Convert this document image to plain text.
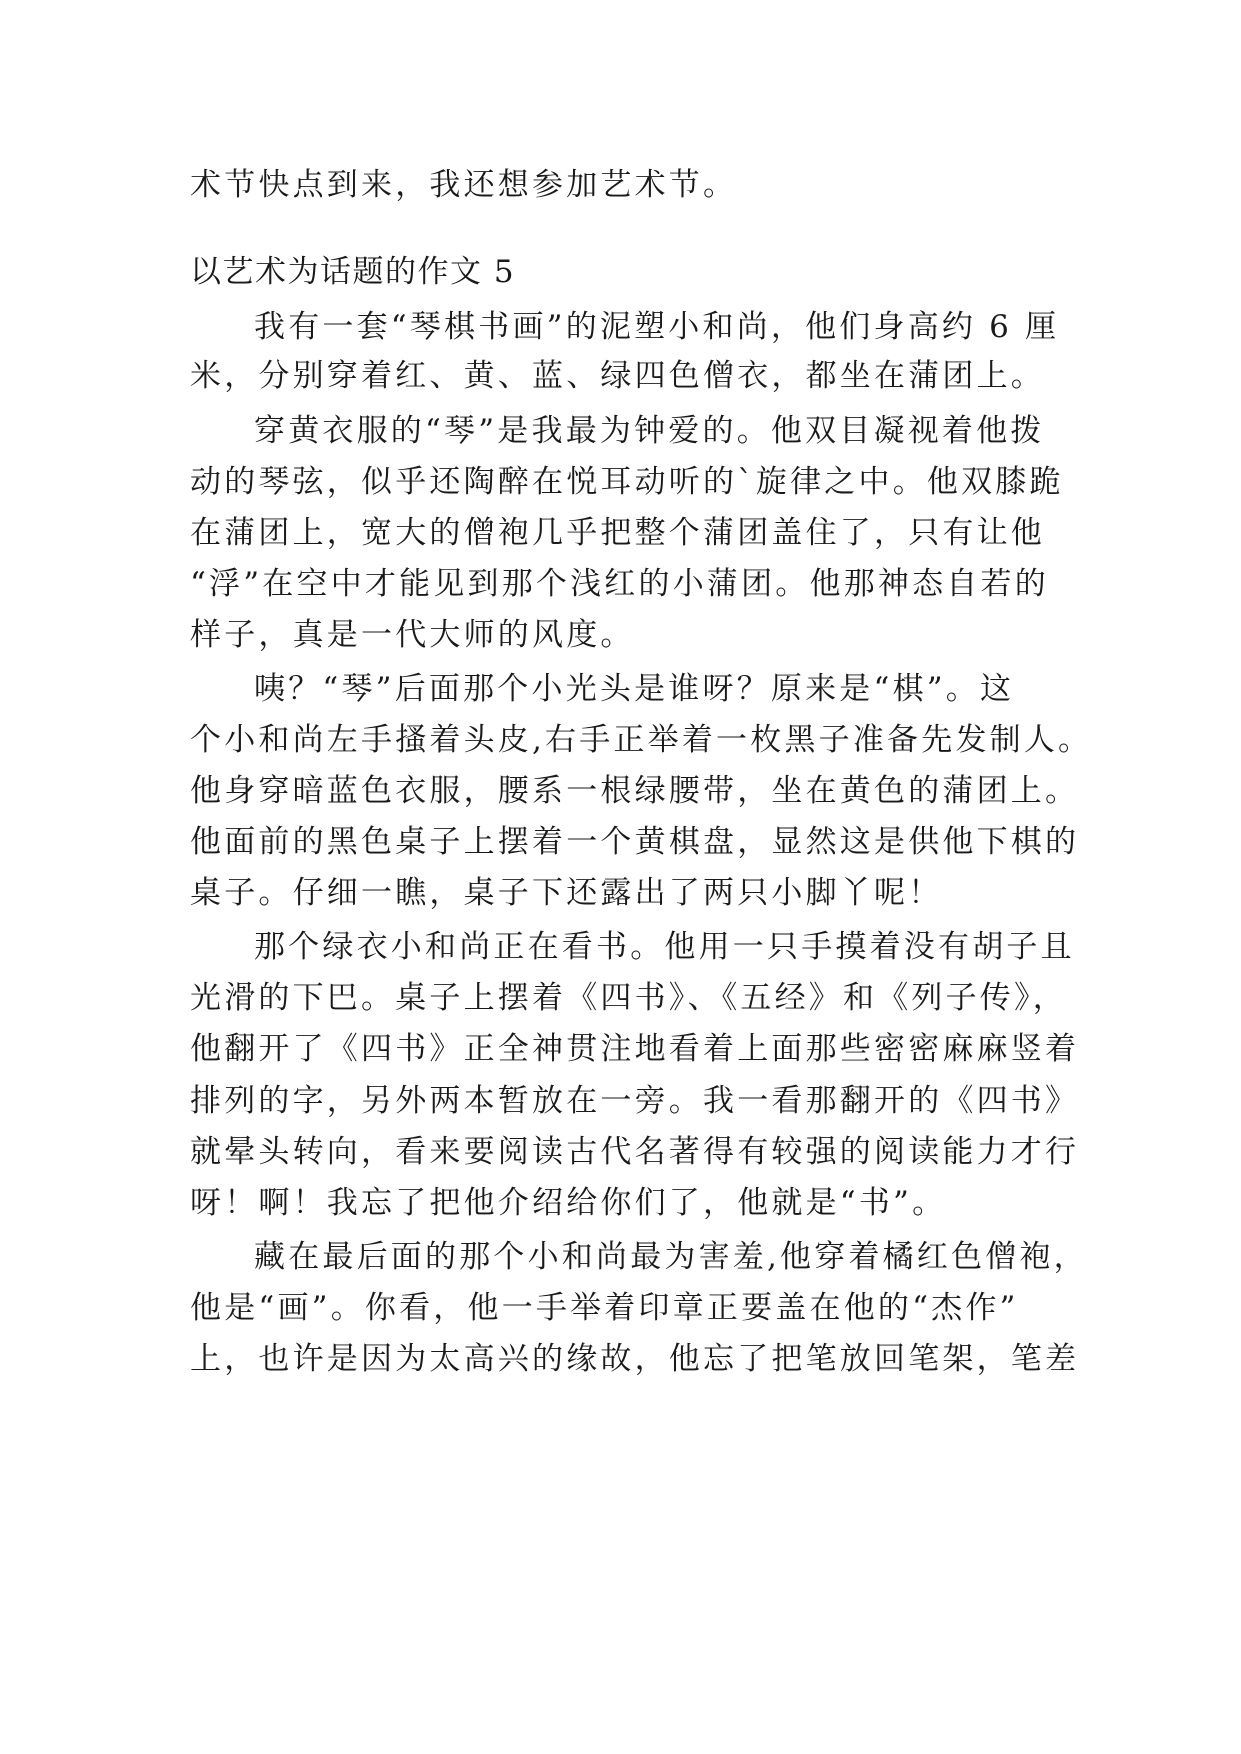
术节快点到来，我还想参加艺术节。
以艺术为话题的作文 5
我有一套“琴棋书画”的泥塑小和尚，他们身高约 6 厘
米，分别穿着红、黄、蓝、绿四色僧衣，都坐在蒲团上。
穿黄衣服的“琴”是我最为钟爱的。他双目凝视着他拨
动的琴弦，似乎还陶醉在悦耳动听的`旋律之中。他双膝跪
在蒲团上，宽大的僧袍几乎把整个蒲团盖住了，只有让他
“浮”在空中才能见到那个浅红的小蒲团。他那神态自若的
样子，真是一代大师的风度。
咦？“琴”后面那个小光头是谁呀？原来是“棋”。这
个小和尚左手搔着头皮,右手正举着一枚黑子准备先发制人。
他身穿暗蓝色衣服，腰系一根绿腰带，坐在黄色的蒲团上。
他面前的黑色桌子上摆着一个黄棋盘，显然这是供他下棋的
桌子。仔细一瞧，桌子下还露出了两只小脚丫呢！
那个绿衣小和尚正在看书。他用一只手摸着没有胡子且
光滑的下巴。桌子上摆着《四书》、《五经》和《列子传》，
他翻开了《四书》正全神贯注地看着上面那些密密麻麻竖着
排列的字，另外两本暂放在一旁。我一看那翻开的《四书》
就晕头转向，看来要阅读古代名著得有较强的阅读能力才行
呀！啊！我忘了把他介绍给你们了，他就是“书”。
藏在最后面的那个小和尚最为害羞,他穿着橘红色僧袍，
他是“画”。你看，他一手举着印章正要盖在他的“杰作”
上，也许是因为太高兴的缘故，他忘了把笔放回笔架，笔差
